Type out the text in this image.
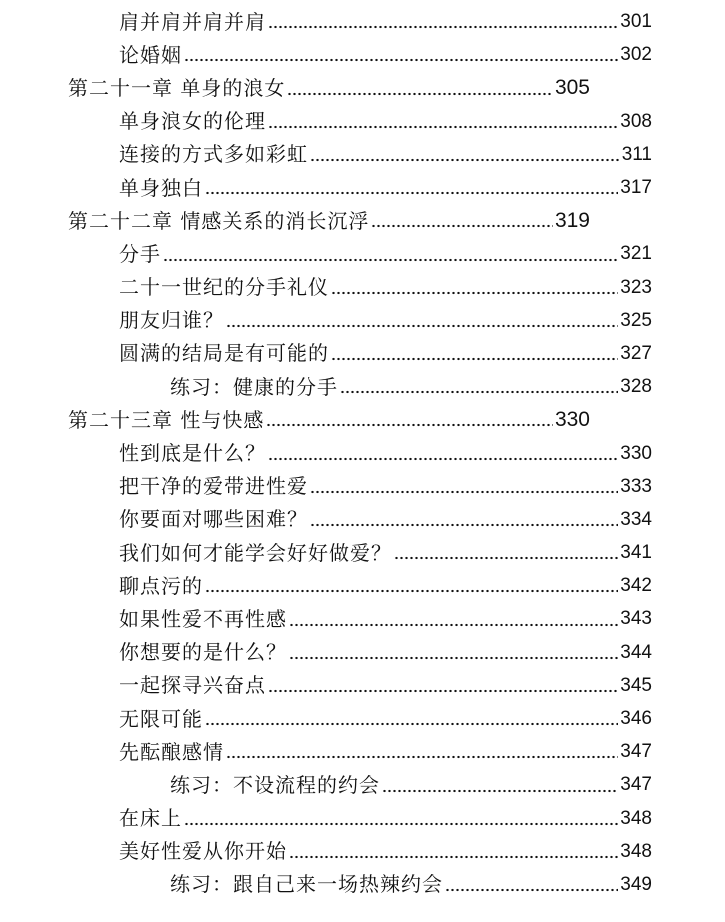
肩并肩并肩并肩	301
论婚姻	302
第二十一章 单身的浪女	305
单身浪女的伦理	308
连接的方式多如彩虹	311
单身独白	317
第二十二章 情感关系的消长沉浮	319
分手	321
二十一世纪的分手礼仪	323
朋友归谁？	325
圆满的结局是有可能的	327
练习：健康的分手	328
第二十三章 性与快感	330
性到底是什么？	330
把干净的爱带进性爱	333
你要面对哪些困难？	334
我们如何才能学会好好做爱？	341
聊点污的	342
如果性爱不再性感	343
你想要的是什么？	344
一起探寻兴奋点	345
无限可能	346
先酝酿感情	347
练习：不设流程的约会	347
在床上	348
美好性爱从你开始	348
练习：跟自己来一场热辣约会	349
